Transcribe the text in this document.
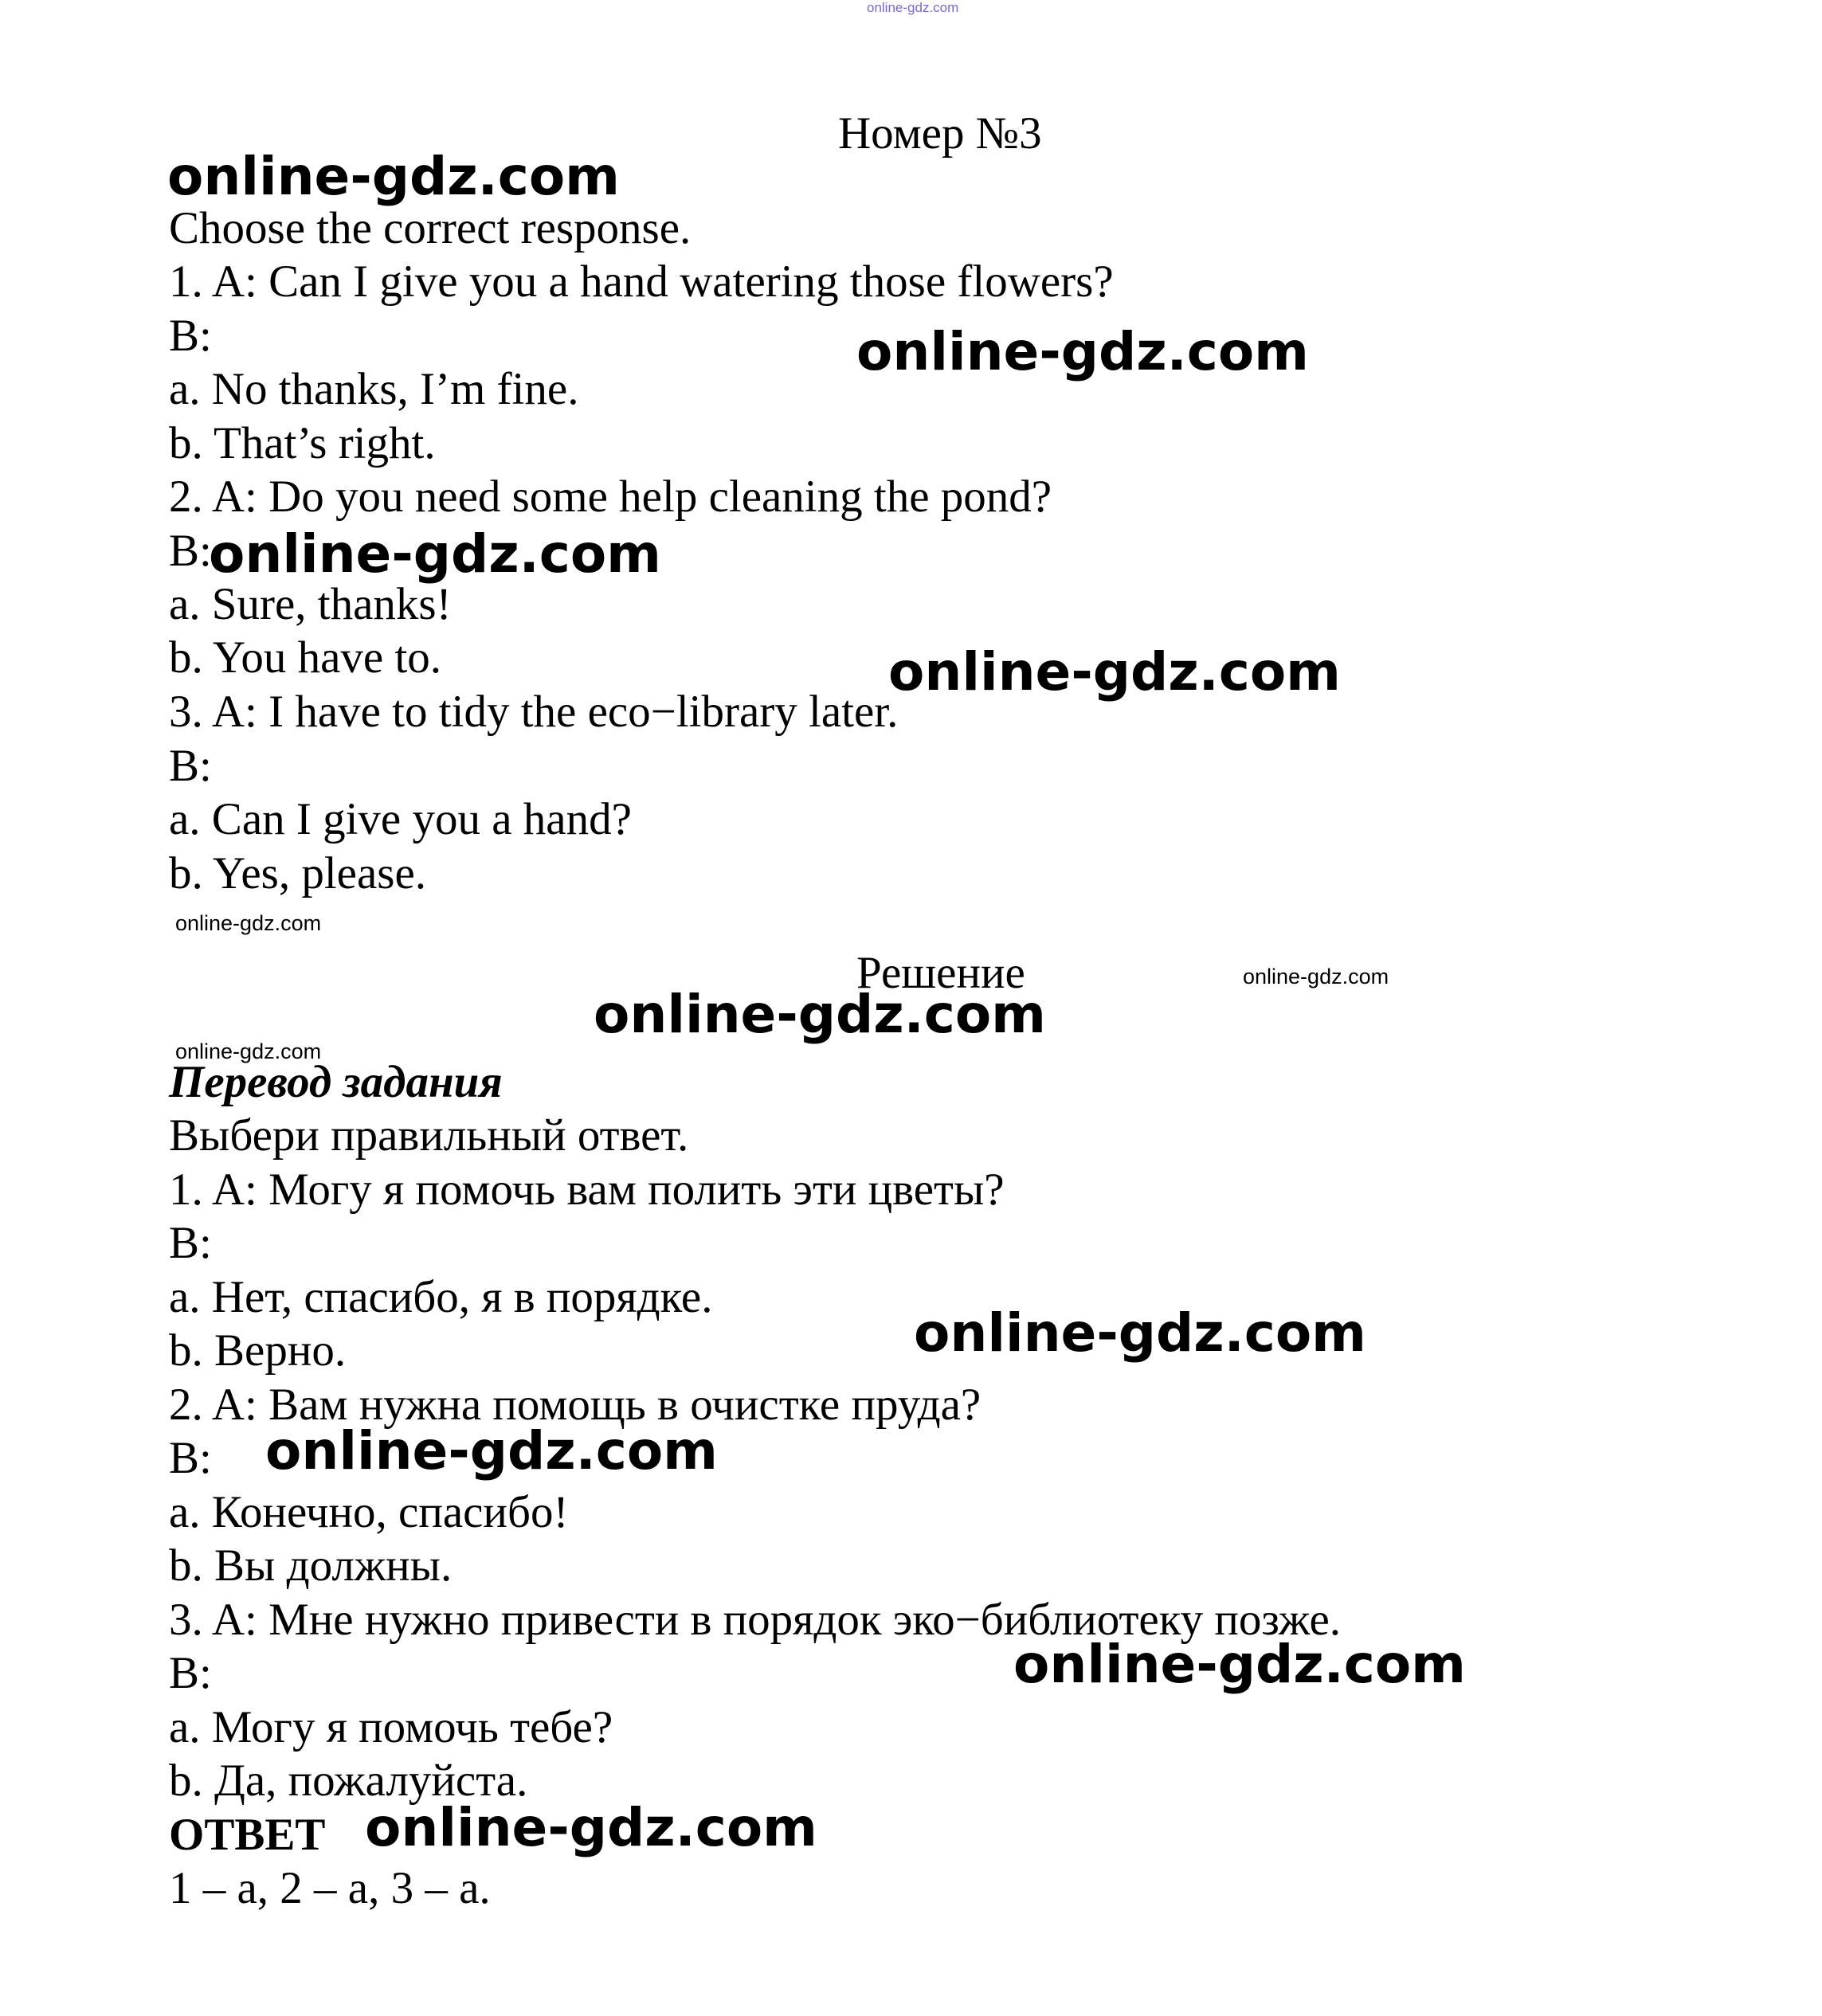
online-gdz.com
Номер №3
online-gdz.com
Choose the correct response.
1. A: Can I give you a hand watering those flowers?
B:	online-gdz.com
a. No thanks, I’m fine.
b. That’s right.
2. A: Do you need some help cleaning the pond?
B:
online-gdz.com
a. Sure, thanks!
b. You have to.	online-gdz.com
3. A: I have to tidy the eco−library later.
B:
a. Can I give you a hand?
b. Yes, please.
online-gdz.com
Решение	online-gdz.com
online-gdz.com
online-gdz.com
Перевод задания
Выбери правильный ответ.
1. A: Могу я помочь вам полить эти цветы?
B:
a. Нет, спасибо, я в порядке.
online-gdz.com
b. Верно.
2. A: Вам нужна помощь в очистке пруда?
B: online-gdz.com
a. Конечно, спасибо!
b. Вы должны.
3. A: Мне нужно привести в порядок эко−библиотеку позже.
B:	online-gdz.com
a. Могу я помочь тебе?
b. Да, пожалуйста.
ОТВЕТ online-gdz.com
1 – a, 2 – a, 3 – a.
